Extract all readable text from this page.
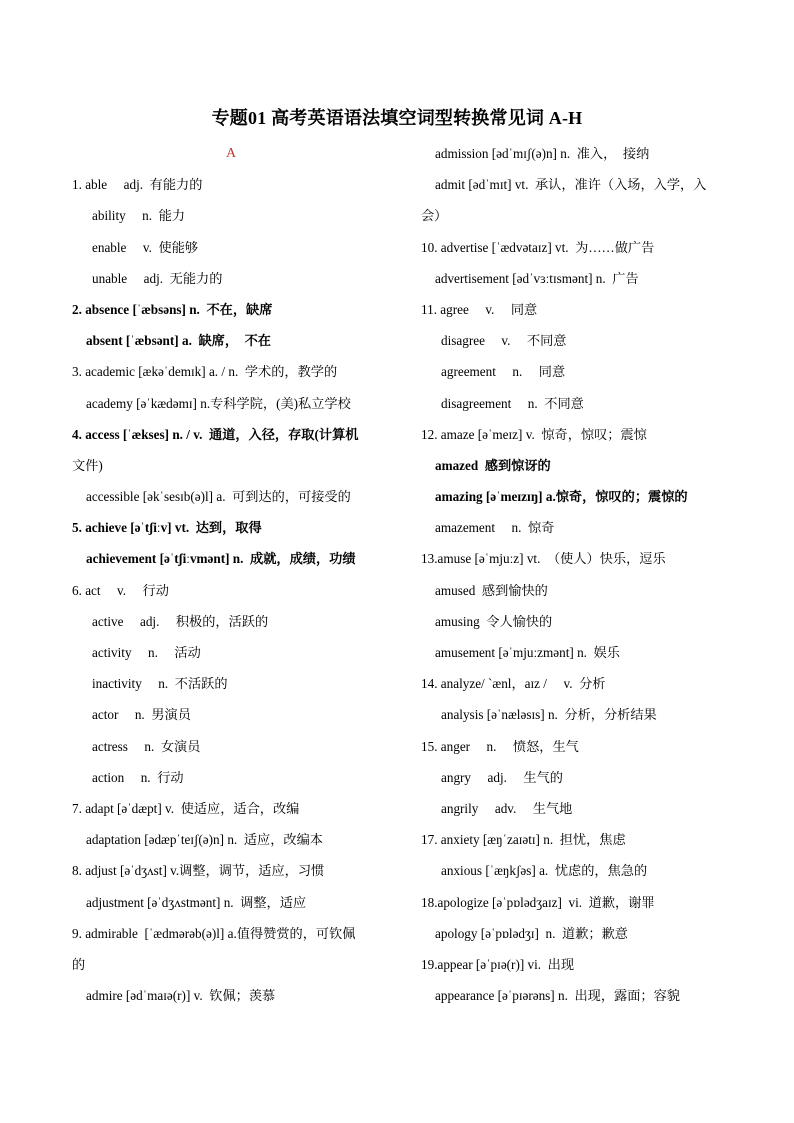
专题01 高考英语语法填空词型转换常见词 A-H
A
1. able     adj.  有能力的
ability     n.  能力
enable     v.  使能够
unable     adj.  无能力的
2. absence [ˈæbsəns] n.  不在，缺席
absent [ˈæbsənt] a.  缺席，  不在
3. academic [ækəˈdemɪk] a. / n.  学术的，教学的
academy [əˈkædəmɪ] n.专科学院，(美)私立学校
4. access [ˈækses] n. / v.  通道，入径，存取(计算机
文件)
accessible [əkˈsesɪb(ə)l] a.  可到达的，可接受的
5. achieve [əˈtʃiːv] vt.  达到，取得
achievement [əˈtʃiːvmənt] n.  成就，成绩，功绩
6. act     v.     行动
active     adj.     积极的，活跃的
activity     n.     活动
inactivity     n.  不活跃的
actor     n.  男演员
actress     n.  女演员
action     n.  行动
7. adapt [əˈdæpt] v.  使适应，适合，改编
adaptation [ədæpˈteɪʃ(ə)n] n.  适应，改编本
8. adjust [əˈdʒʌst] v.调整，调节，适应，习惯
adjustment [əˈdʒʌstmənt] n.  调整，适应
9. admirable  [ˈædmərəb(ə)l] a.值得赞赏的，可钦佩
的
admire [ədˈmaɪə(r)] v.  钦佩；羡慕
admission [ədˈmɪʃ(ə)n] n.  准入，  接纳
admit [ədˈmɪt] vt.  承认，准许（入场，入学，入
会）
10. advertise [ˈædvətaɪz] vt.  为……做广告
advertisement [ədˈvɜːtɪsmənt] n.  广告
11. agree     v.     同意
disagree     v.     不同意
agreement     n.     同意
disagreement     n.  不同意
12. amaze [əˈmeɪz] v.  惊奇，惊叹；震惊
amazed  感到惊讶的
amazing [əˈmeɪzɪŋ] a.惊奇，惊叹的；震惊的
amazement     n.  惊奇
13.amuse [əˈmjuːz] vt.  （使人）快乐，逗乐
amused  感到愉快的
amusing  令人愉快的
amusement [əˈmjuːzmənt] n.  娱乐
14. analyze/ `ænl，aɪz /     v.  分析
analysis [əˈnæləsɪs] n.  分析，分析结果
15. anger     n.     愤怒，生气
angry     adj.     生气的
angrily     adv.     生气地
17. anxiety [æŋˈzaɪətɪ] n.  担忧，焦虑
anxious [ˈæŋkʃəs] a.  忧虑的，焦急的
18.apologize [əˈpɒlədʒaɪz]  vi.  道歉，谢罪
apology [əˈpɒlədʒɪ]  n.  道歉；歉意
19.appear [əˈpɪə(r)] vi.  出现
appearance [əˈpɪərəns] n.  出现，露面；容貌
